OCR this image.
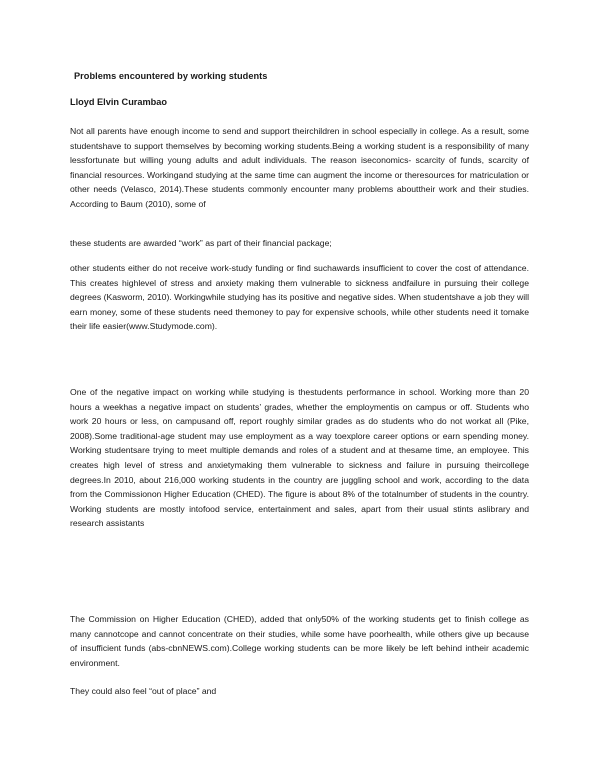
Problems encountered by working students
Lloyd Elvin Curambao

Not all parents have enough income to send and support theirchildren in school especially in college. As a result, some studentshave to support themselves by becoming working students.Being a working student is a responsibility of many lessfortunate but willing young adults and adult individuals. The reason iseconomics- scarcity of funds, scarcity of financial resources. Workingand studying at the same time can augment the income or theresources for matriculation or other needs (Velasco, 2014).These students commonly encounter many problems abouttheir work and their studies. According to Baum (2010), some of

these students are awarded “work” as part of their financial package;

other students either do not receive work-study funding or find suchawards insufficient to cover the cost of attendance. This creates highlevel of stress and anxiety making them vulnerable to sickness andfailure in pursuing their college degrees (Kasworm, 2010). Workingwhile studying has its positive and negative sides. When studentshave a job they will earn money, some of these students need themoney to pay for expensive schools, while other students need it tomake their life easier(www.Studymode.com).

One of the negative impact on working while studying is thestudents performance in school. Working more than 20 hours a weekhas a negative impact on students’ grades, whether the employmentis on campus or off. Students who work 20 hours or less, on campusand off, report roughly similar grades as do students who do not workat all (Pike, 2008).Some traditional-age student may use employment as a way toexplore career options or earn spending money. Working studentsare trying to meet multiple demands and roles of a student and at thesame time, an employee. This creates high level of stress and anxietymaking them vulnerable to sickness and failure in pursuing theircollege degrees.In 2010, about 216,000 working students in the country are juggling school and work, according to the data from the Commissionon Higher Education (CHED). The figure is about 8% of the totalnumber of students in the country. Working students are mostly intofood service, entertainment and sales, apart from their usual stints aslibrary and research assistants

The Commission on Higher Education (CHED), added that only50% of the working students get to finish college as many cannotcope and cannot concentrate on their studies, while some have poorhealth, while others give up because of insufficient funds (abs-cbnNEWS.com).College working students can be more likely be left behind intheir academic environment.

They could also feel “out of place” and
